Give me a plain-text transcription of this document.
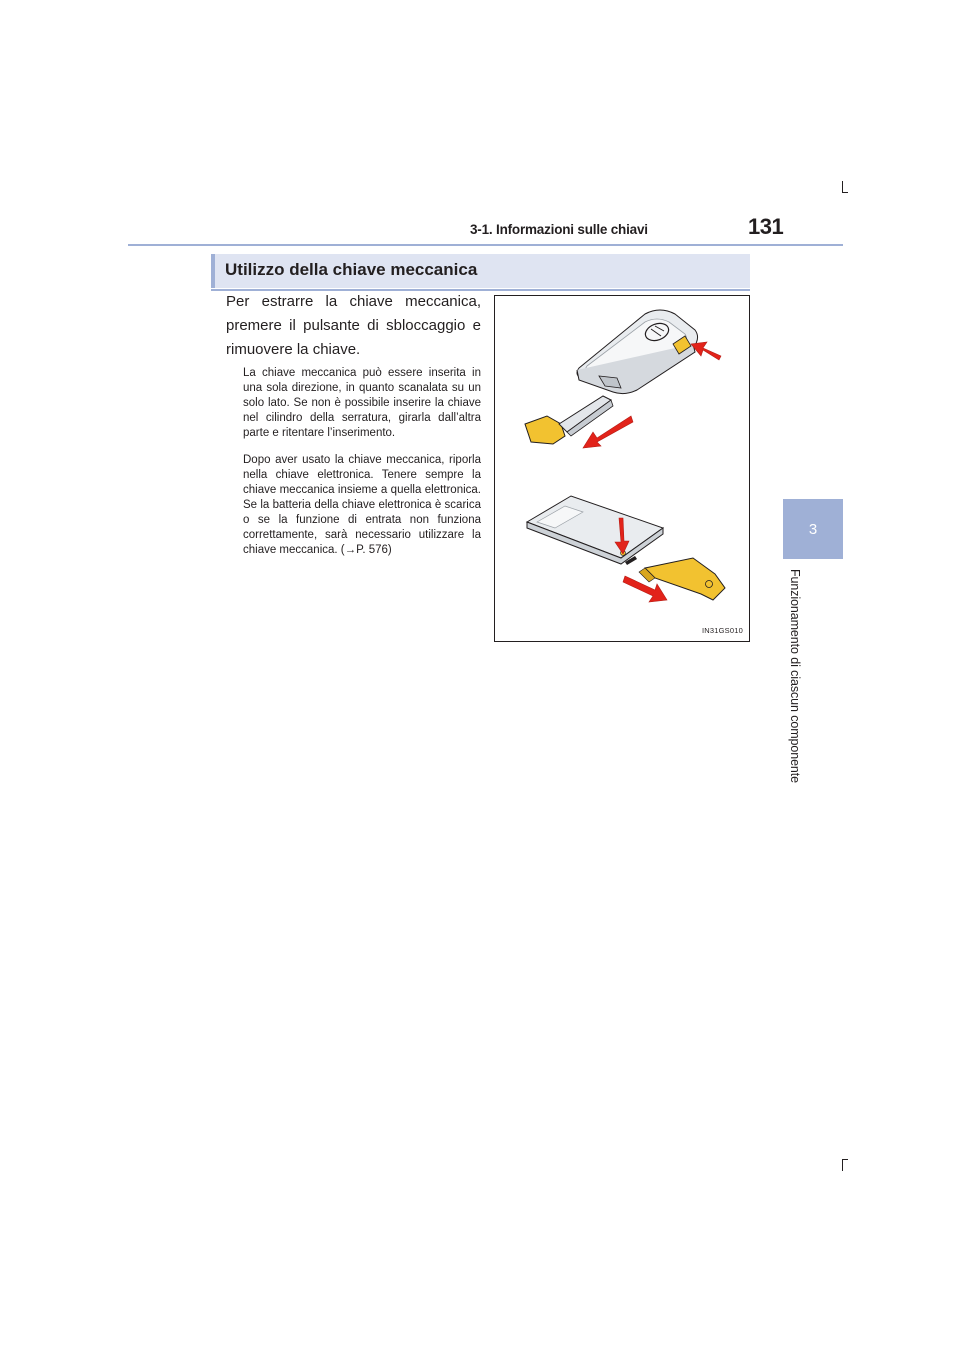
3-1. Informazioni sulle chiavi	131
3
Funzionamento di ciascun componente
Utilizzo della chiave meccanica

Per estrarre la chiave meccanica, premere il pulsante di sbloccaggio e rimuovere la chiave.

La chiave meccanica può essere inserita in una sola direzione, in quanto scanalata su un solo lato. Se non è possibile inserire la chiave nel cilindro della serratura, girarla dall’altra parte e ritentare l’inserimento.

Dopo aver usato la chiave meccanica, riporla nella chiave elettronica. Tenere sempre la chiave meccanica insieme a quella elettronica. Se la batteria della chiave elettronica è scarica o se la funzione di entrata non funziona correttamente, sarà necessario utilizzare la chiave meccanica. (→P. 576)

IN31GS010
